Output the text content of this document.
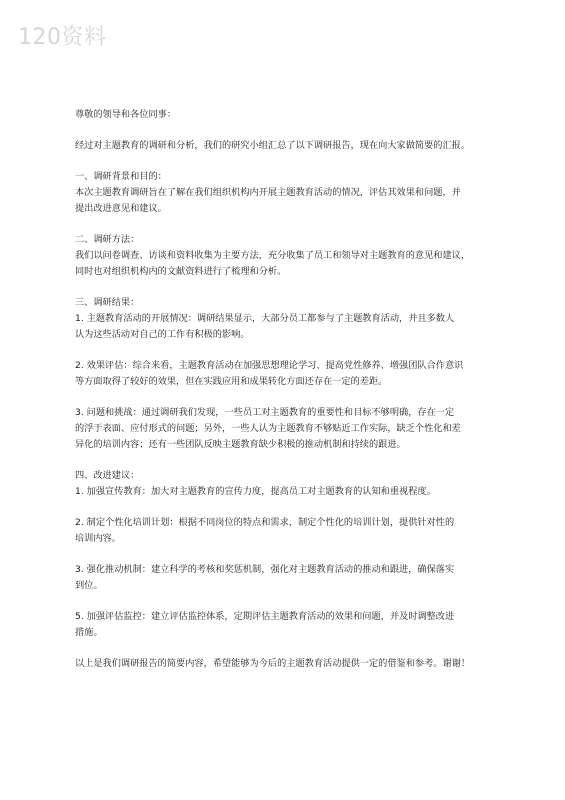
120资料
尊敬的领导和各位同事：
经过对主题教育的调研和分析，我们的研究小组汇总了以下调研报告，现在向大家做简要的汇报。
一、调研背景和目的：
本次主题教育调研旨在了解在我们组织机构内开展主题教育活动的情况，评估其效果和问题，并
提出改进意见和建议。
二、调研方法：
我们以问卷调查、访谈和资料收集为主要方法，充分收集了员工和领导对主题教育的意见和建议，
同时也对组织机构内的文献资料进行了梳理和分析。
三、调研结果：
1. 主题教育活动的开展情况：调研结果显示，大部分员工都参与了主题教育活动，并且多数人
认为这些活动对自己的工作有积极的影响。
2. 效果评估：综合来看，主题教育活动在加强思想理论学习、提高党性修养、增强团队合作意识
等方面取得了较好的效果，但在实践应用和成果转化方面还存在一定的差距。
3. 问题和挑战：通过调研我们发现，一些员工对主题教育的重要性和目标不够明确，存在一定
的浮于表面、应付形式的问题；另外，一些人认为主题教育不够贴近工作实际，缺乏个性化和差
异化的培训内容；还有一些团队反映主题教育缺少积极的推动机制和持续的跟进。
四、改进建议：
1. 加强宣传教育：加大对主题教育的宣传力度，提高员工对主题教育的认知和重视程度。
2. 制定个性化培训计划：根据不同岗位的特点和需求，制定个性化的培训计划，提供针对性的
培训内容。
3. 强化推动机制：建立科学的考核和奖惩机制，强化对主题教育活动的推动和跟进，确保落实
到位。
5. 加强评估监控：建立评估监控体系，定期评估主题教育活动的效果和问题，并及时调整改进
措施。
以上是我们调研报告的简要内容，希望能够为今后的主题教育活动提供一定的借鉴和参考。谢谢！
